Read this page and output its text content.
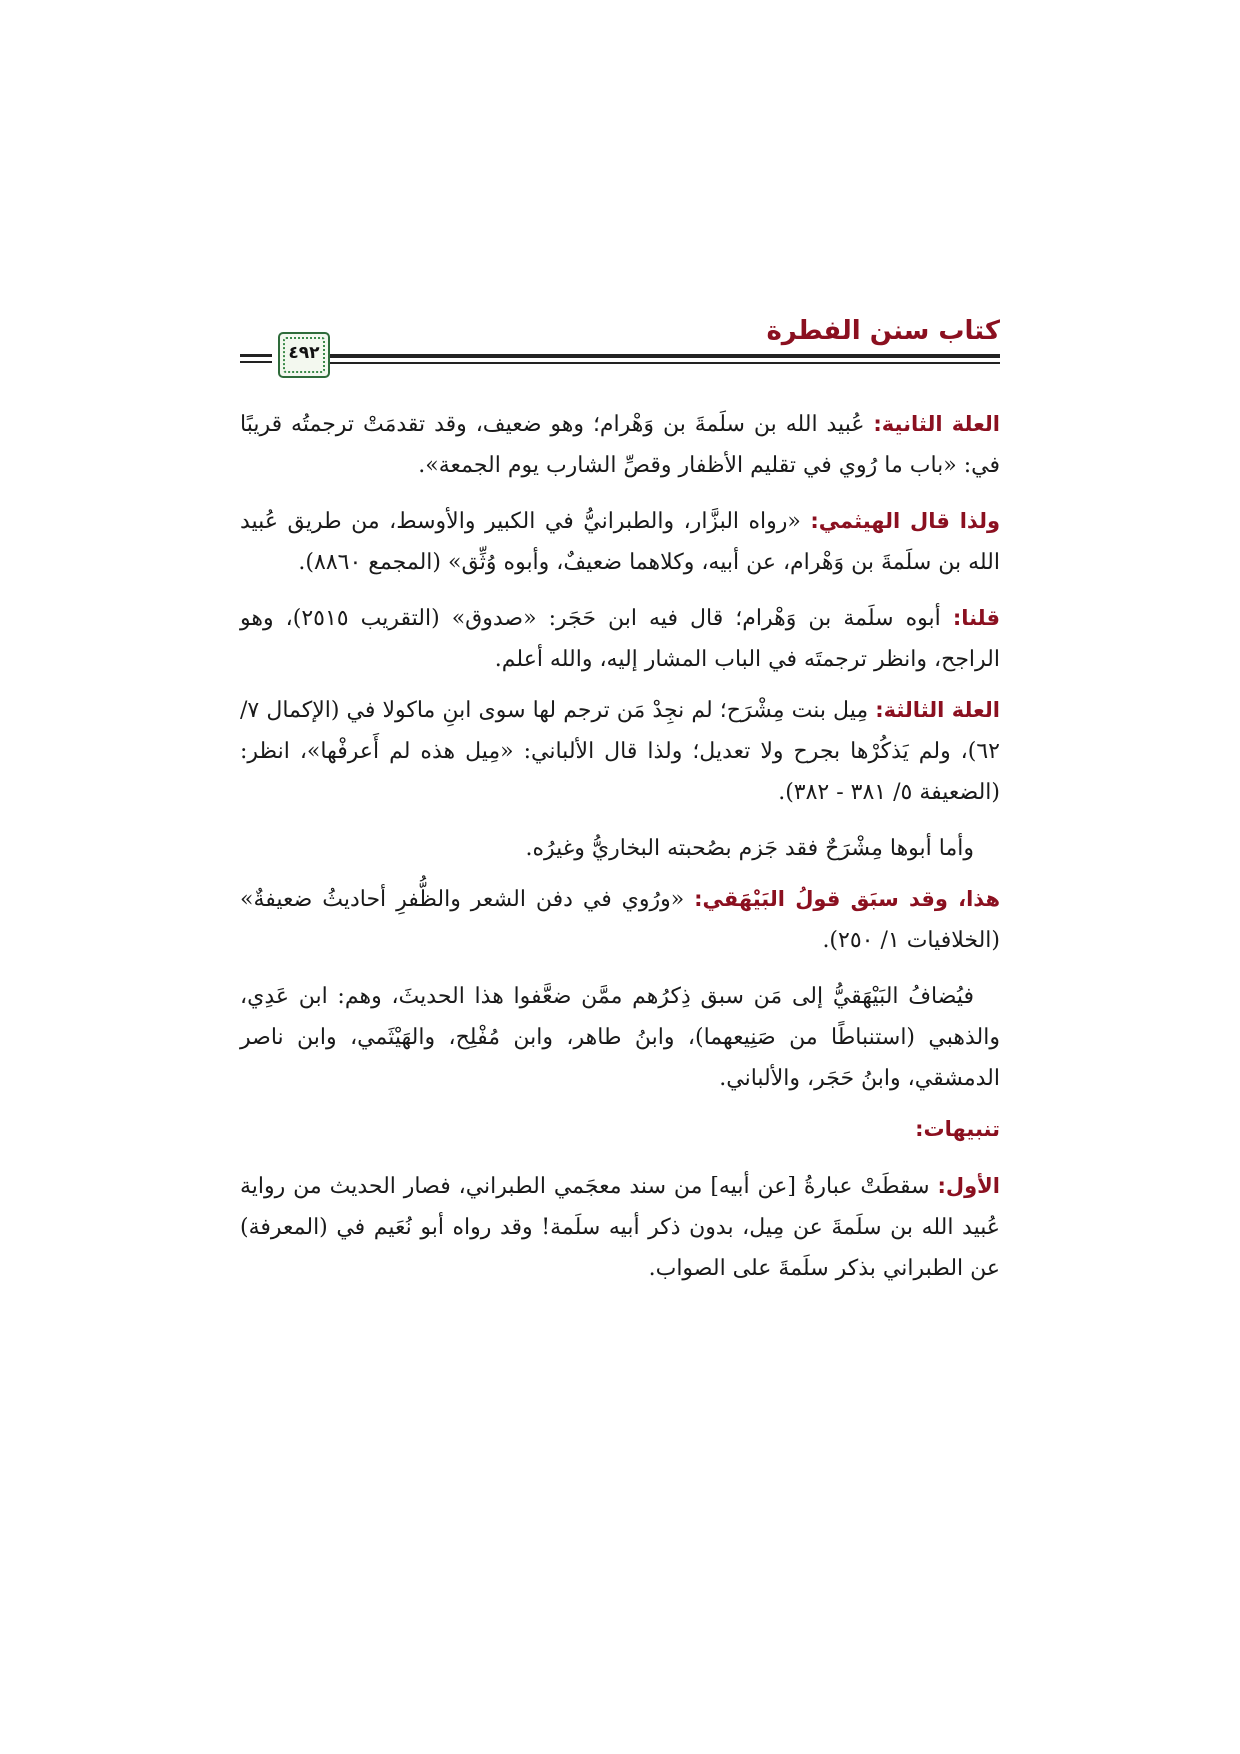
كتاب سنن الفطرة
٤٩٢

العلة الثانية: عُبيد الله بن سلَمةَ بن وَهْرام؛ وهو ضعيف، وقد تقدمَتْ ترجمتُه قريبًا في: «باب ما رُوي في تقليم الأظفار وقصِّ الشارب يوم الجمعة».

ولذا قال الهيثمي: «رواه البزَّار، والطبرانيُّ في الكبير والأوسط، من طريق عُبيد الله بن سلَمةَ بن وَهْرام، عن أبيه، وكلاهما ضعيفٌ، وأبوه وُثِّق» (المجمع ٨٨٦٠).

قلنا: أبوه سلَمة بن وَهْرام؛ قال فيه ابن حَجَر: «صدوق» (التقريب ٢٥١٥)، وهو الراجح، وانظر ترجمتَه في الباب المشار إليه، والله أعلم.

العلة الثالثة: مِيل بنت مِشْرَح؛ لم نجِدْ مَن ترجم لها سوى ابنِ ماكولا في (الإكمال ٧/ ٦٢)، ولم يَذكُرْها بجرح ولا تعديل؛ ولذا قال الألباني: «مِيل هذه لم أَعرفْها»، انظر: (الضعيفة ٥/ ٣٨١ - ٣٨٢).

وأما أبوها مِشْرَحٌ فقد جَزم بصُحبته البخاريُّ وغيرُه.

هذا، وقد سبَق قولُ البَيْهَقي: «ورُوي في دفن الشعر والظُّفرِ أحاديثُ ضعيفةٌ» (الخلافيات ١/ ٢٥٠).

فيُضافُ البَيْهَقيُّ إلى مَن سبق ذِكرُهم ممَّن ضعَّفوا هذا الحديثَ، وهم: ابن عَدِي، والذهبي (استنباطًا من صَنِيعهما)، وابنُ طاهر، وابن مُفْلِح، والهَيْثَمي، وابن ناصر الدمشقي، وابنُ حَجَر، والألباني.

تنبيهات:

الأول: سقطَتْ عبارةُ [عن أبيه] من سند معجَمي الطبراني، فصار الحديث من رواية عُبيد الله بن سلَمةَ عن مِيل، بدون ذكر أبيه سلَمة! وقد رواه أبو نُعَيم في (المعرفة) عن الطبراني بذكر سلَمةَ على الصواب.
